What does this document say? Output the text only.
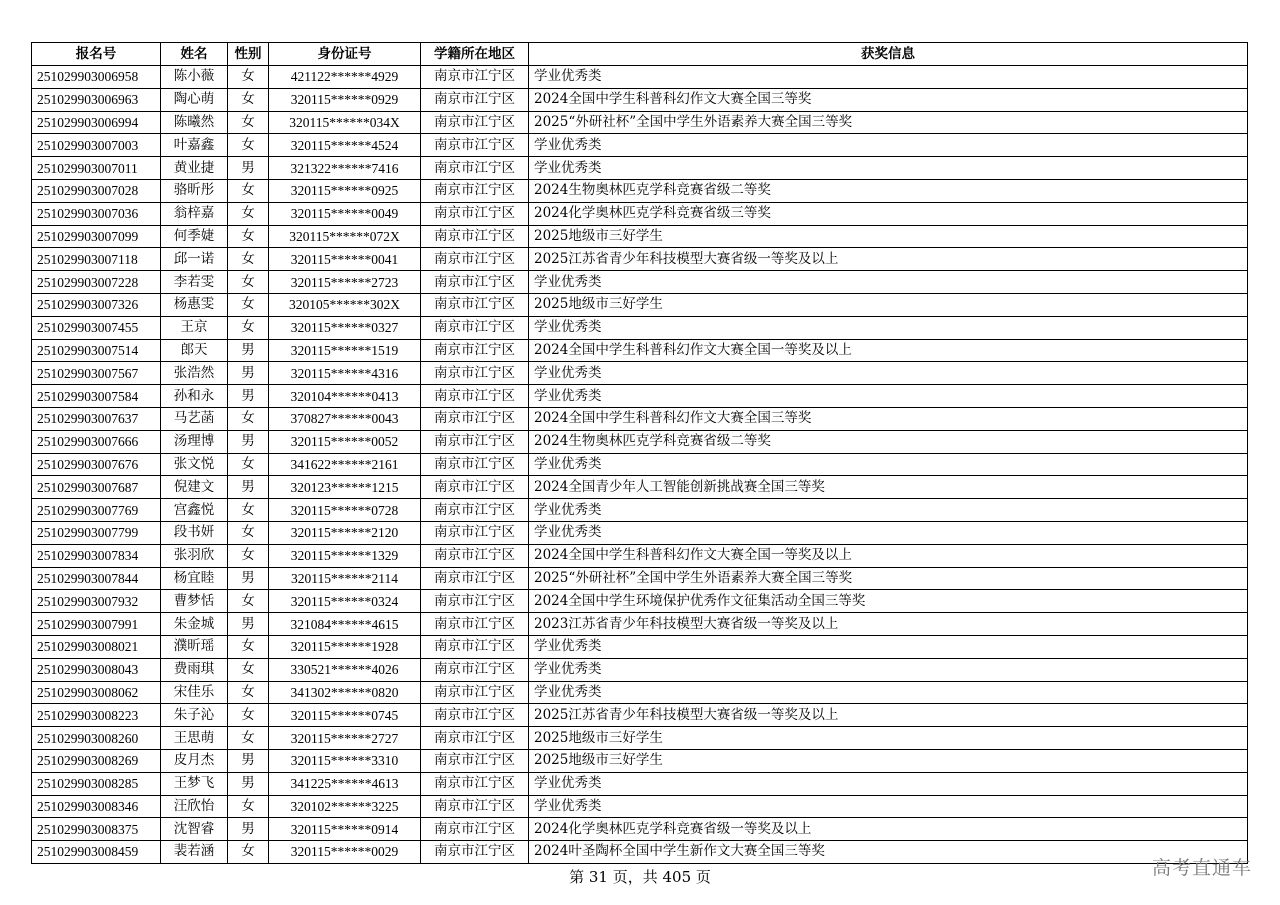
报名号	姓名	性别	身份证号	学籍所在地区	获奖信息
251029903006958	陈小薇	女	421122******4929	南京市江宁区	学业优秀类
251029903006963	陶心萌	女	320115******0929	南京市江宁区	2024全国中学生科普科幻作文大赛全国三等奖
251029903006994	陈曦然	女	320115******034X	南京市江宁区	2025“外研社杯”全国中学生外语素养大赛全国三等奖
251029903007003	叶嘉鑫	女	320115******4524	南京市江宁区	学业优秀类
251029903007011	黄业捷	男	321322******7416	南京市江宁区	学业优秀类
251029903007028	骆昕彤	女	320115******0925	南京市江宁区	2024生物奥林匹克学科竞赛省级二等奖
251029903007036	翁梓嘉	女	320115******0049	南京市江宁区	2024化学奥林匹克学科竞赛省级三等奖
251029903007099	何季婕	女	320115******072X	南京市江宁区	2025地级市三好学生
251029903007118	邱一诺	女	320115******0041	南京市江宁区	2025江苏省青少年科技模型大赛省级一等奖及以上
251029903007228	李若雯	女	320115******2723	南京市江宁区	学业优秀类
251029903007326	杨惠雯	女	320105******302X	南京市江宁区	2025地级市三好学生
251029903007455	王京	女	320115******0327	南京市江宁区	学业优秀类
251029903007514	郎天	男	320115******1519	南京市江宁区	2024全国中学生科普科幻作文大赛全国一等奖及以上
251029903007567	张浩然	男	320115******4316	南京市江宁区	学业优秀类
251029903007584	孙和永	男	320104******0413	南京市江宁区	学业优秀类
251029903007637	马艺菡	女	370827******0043	南京市江宁区	2024全国中学生科普科幻作文大赛全国三等奖
251029903007666	汤理博	男	320115******0052	南京市江宁区	2024生物奥林匹克学科竞赛省级二等奖
251029903007676	张文悦	女	341622******2161	南京市江宁区	学业优秀类
251029903007687	倪建文	男	320123******1215	南京市江宁区	2024全国青少年人工智能创新挑战赛全国三等奖
251029903007769	宫鑫悦	女	320115******0728	南京市江宁区	学业优秀类
251029903007799	段书妍	女	320115******2120	南京市江宁区	学业优秀类
251029903007834	张羽欣	女	320115******1329	南京市江宁区	2024全国中学生科普科幻作文大赛全国一等奖及以上
251029903007844	杨宜睦	男	320115******2114	南京市江宁区	2025“外研社杯”全国中学生外语素养大赛全国三等奖
251029903007932	曹梦恬	女	320115******0324	南京市江宁区	2024全国中学生环境保护优秀作文征集活动全国三等奖
251029903007991	朱金城	男	321084******4615	南京市江宁区	2023江苏省青少年科技模型大赛省级一等奖及以上
251029903008021	濮昕瑶	女	320115******1928	南京市江宁区	学业优秀类
251029903008043	费雨琪	女	330521******4026	南京市江宁区	学业优秀类
251029903008062	宋佳乐	女	341302******0820	南京市江宁区	学业优秀类
251029903008223	朱子沁	女	320115******0745	南京市江宁区	2025江苏省青少年科技模型大赛省级一等奖及以上
251029903008260	王思萌	女	320115******2727	南京市江宁区	2025地级市三好学生
251029903008269	皮月杰	男	320115******3310	南京市江宁区	2025地级市三好学生
251029903008285	王梦飞	男	341225******4613	南京市江宁区	学业优秀类
251029903008346	汪欣怡	女	320102******3225	南京市江宁区	学业优秀类
251029903008375	沈智睿	男	320115******0914	南京市江宁区	2024化学奥林匹克学科竞赛省级一等奖及以上
251029903008459	裴若涵	女	320115******0029	南京市江宁区	2024叶圣陶杯全国中学生新作文大赛全国三等奖
第 31 页，共 405 页	高考直通车
